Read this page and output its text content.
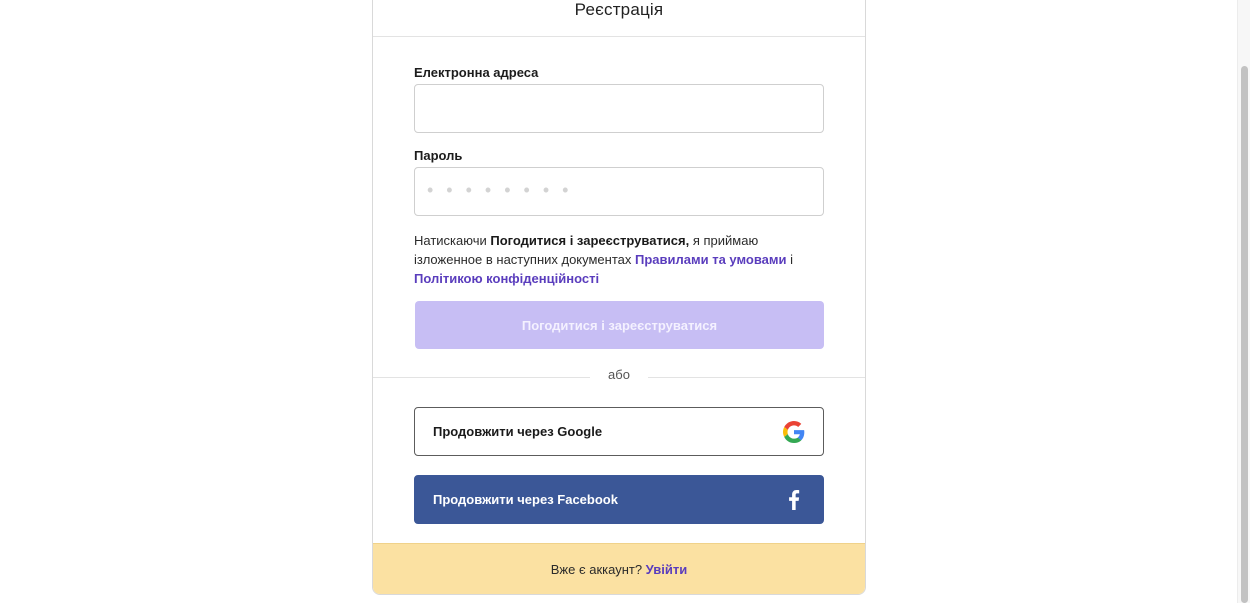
Реєстрація
Електронна адреса
Пароль

Натискаючи Погодитися і зареєструватися, я приймаю ізложенное в наступних документах Правилами та умовами і
Політикою конфіденційності

Погодитися і зареєструватися
або
Продовжити через Google
Продовжити через Facebook
Вже є аккаунт? Увійти
